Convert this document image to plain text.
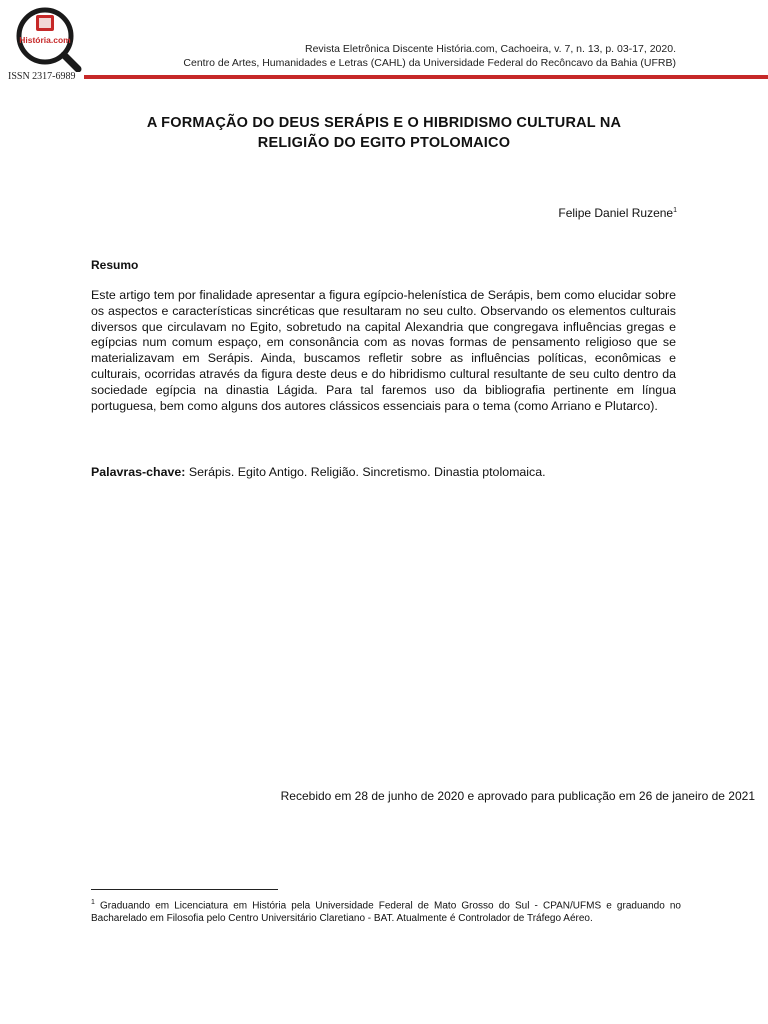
História.com
ISSN 2317-6989
Revista Eletrônica Discente História.com, Cachoeira, v. 7, n. 13, p. 03-17, 2020.
Centro de Artes, Humanidades e Letras (CAHL) da Universidade Federal do Recôncavo da Bahia (UFRB)
A FORMAÇÃO DO DEUS SERÁPIS E O HIBRIDISMO CULTURAL NA
RELIGIÃO DO EGITO PTOLOMAICO
Felipe Daniel Ruzene$^1$
Resumo
Este artigo tem por finalidade apresentar a figura egípcio-helenística de Serápis, bem como elucidar sobre os aspectos e características sincréticas que resultaram no seu culto. Observando os elementos culturais diversos que circulavam no Egito, sobretudo na capital Alexandria que congregava influências gregas e egípcias num comum espaço, em consonância com as novas formas de pensamento religioso que se materializavam em Serápis. Ainda, buscamos refletir sobre as influências políticas, econômicas e culturais, ocorridas através da figura deste deus e do hibridismo cultural resultante de seu culto dentro da sociedade egípcia na dinastia Lágida. Para tal faremos uso da bibliografia pertinente em língua portuguesa, bem como alguns dos autores clássicos essenciais para o tema (como Arriano e Plutarco).
Palavras-chave: Serápis. Egito Antigo. Religião. Sincretismo. Dinastia ptolomaica.
Recebido em 28 de junho de 2020 e aprovado para publicação em 26 de janeiro de 2021
$^1$ Graduando em Licenciatura em História pela Universidade Federal de Mato Grosso do Sul - CPAN/UFMS e graduando no Bacharelado em Filosofia pelo Centro Universitário Claretiano - BAT. Atualmente é Controlador de Tráfego Aéreo.
